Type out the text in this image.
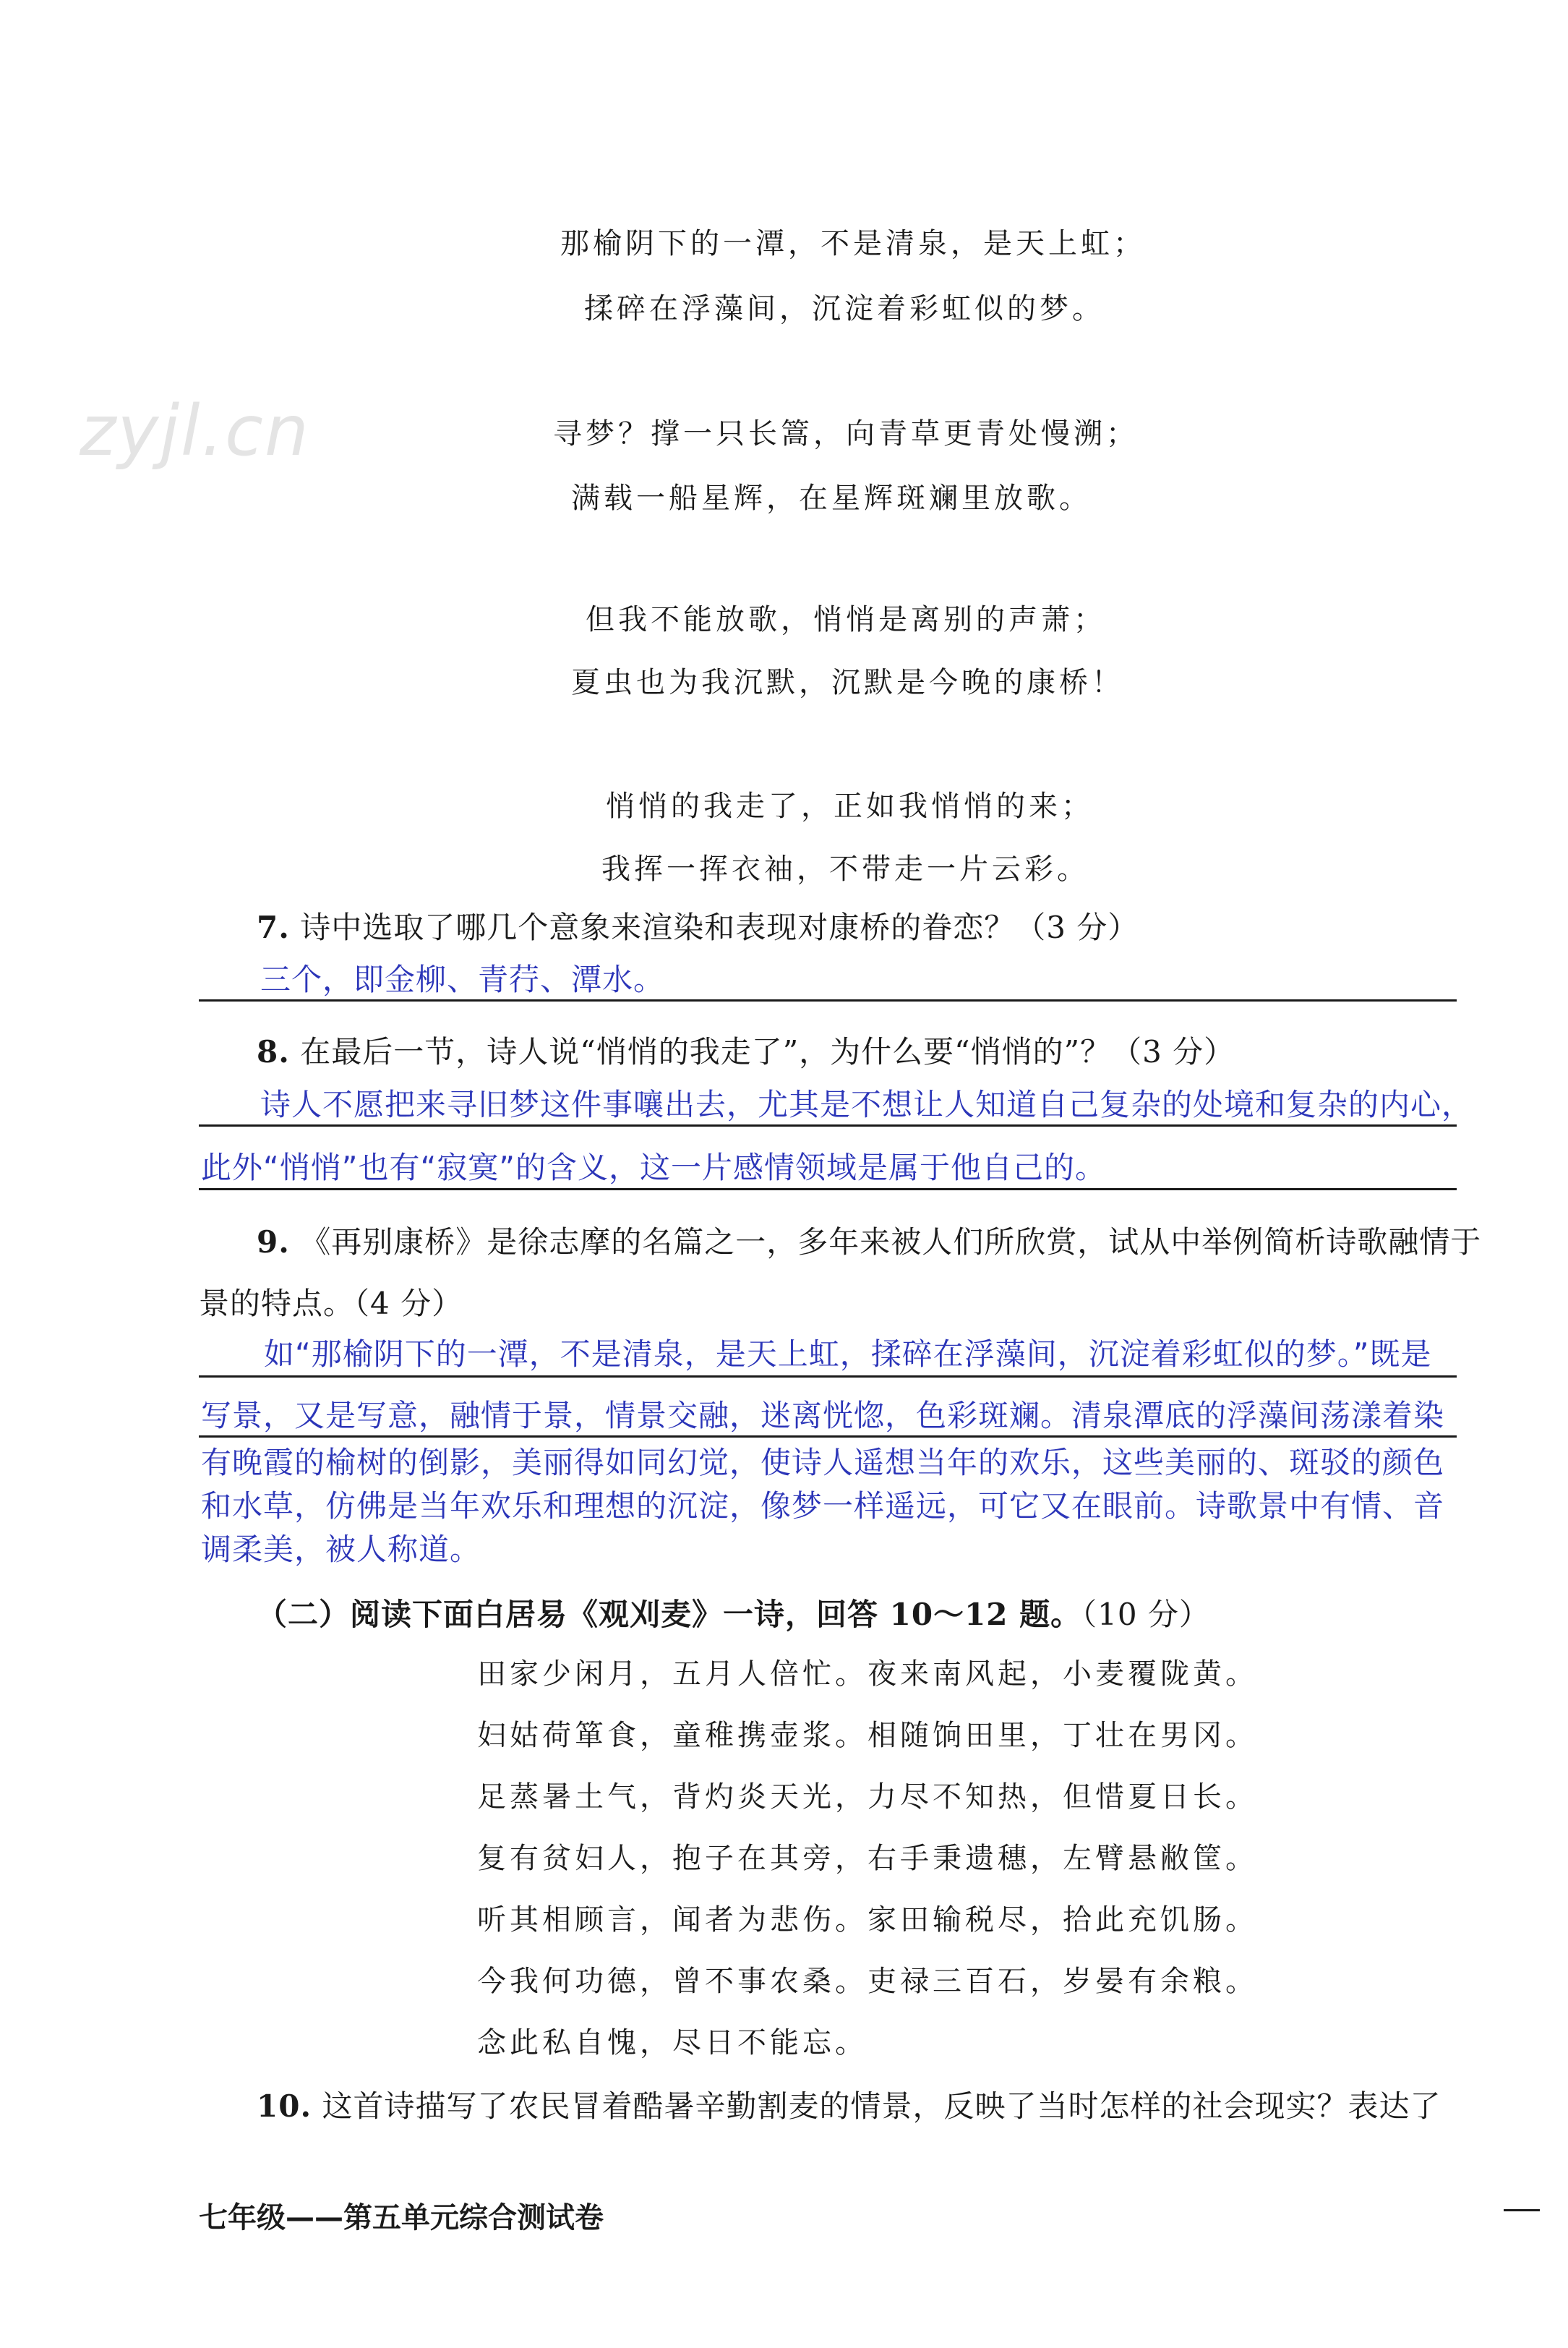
zyjl.cn
那榆阴下的一潭，不是清泉，是天上虹；
揉碎在浮藻间，沉淀着彩虹似的梦。
寻梦？撑一只长篙，向青草更青处慢溯；
满载一船星辉，在星辉斑斓里放歌。
但我不能放歌，悄悄是离别的声萧；
夏虫也为我沉默，沉默是今晚的康桥！
悄悄的我走了，正如我悄悄的来；
我挥一挥衣袖，不带走一片云彩。
7. 诗中选取了哪几个意象来渲染和表现对康桥的眷恋？（3 分）
三个，即金柳、青荇、潭水。
8. 在最后一节，诗人说“悄悄的我走了”，为什么要“悄悄的”？（3 分）
诗人不愿把来寻旧梦这件事嚷出去，尤其是不想让人知道自己复杂的处境和复杂的内心，
此外“悄悄”也有“寂寞”的含义，这一片感情领域是属于他自己的。
9. 《再别康桥》是徐志摩的名篇之一，多年来被人们所欣赏，试从中举例简析诗歌融情于
景的特点。（4 分）
如“那榆阴下的一潭，不是清泉，是天上虹，揉碎在浮藻间，沉淀着彩虹似的梦。”既是
写景，又是写意，融情于景，情景交融，迷离恍惚，色彩斑斓。清泉潭底的浮藻间荡漾着染
有晚霞的榆树的倒影，美丽得如同幻觉，使诗人遥想当年的欢乐，这些美丽的、斑驳的颜色
和水草，仿佛是当年欢乐和理想的沉淀，像梦一样遥远，可它又在眼前。诗歌景中有情、音
调柔美，被人称道。
（二）阅读下面白居易《观刈麦》一诗，回答 10～12 题。（10 分）
田家少闲月，五月人倍忙。夜来南风起，小麦覆陇黄。
妇姑荷箪食，童稚携壶浆。相随饷田里，丁壮在男冈。
足蒸暑土气，背灼炎天光，力尽不知热，但惜夏日长。
复有贫妇人，抱子在其旁，右手秉遗穗，左臂悬敝筐。
听其相顾言，闻者为悲伤。家田输税尽，拾此充饥肠。
今我何功德，曾不事农桑。吏禄三百石，岁晏有余粮。
念此私自愧，尽日不能忘。
10. 这首诗描写了农民冒着酷暑辛勤割麦的情景，反映了当时怎样的社会现实？表达了
七年级——第五单元综合测试卷
